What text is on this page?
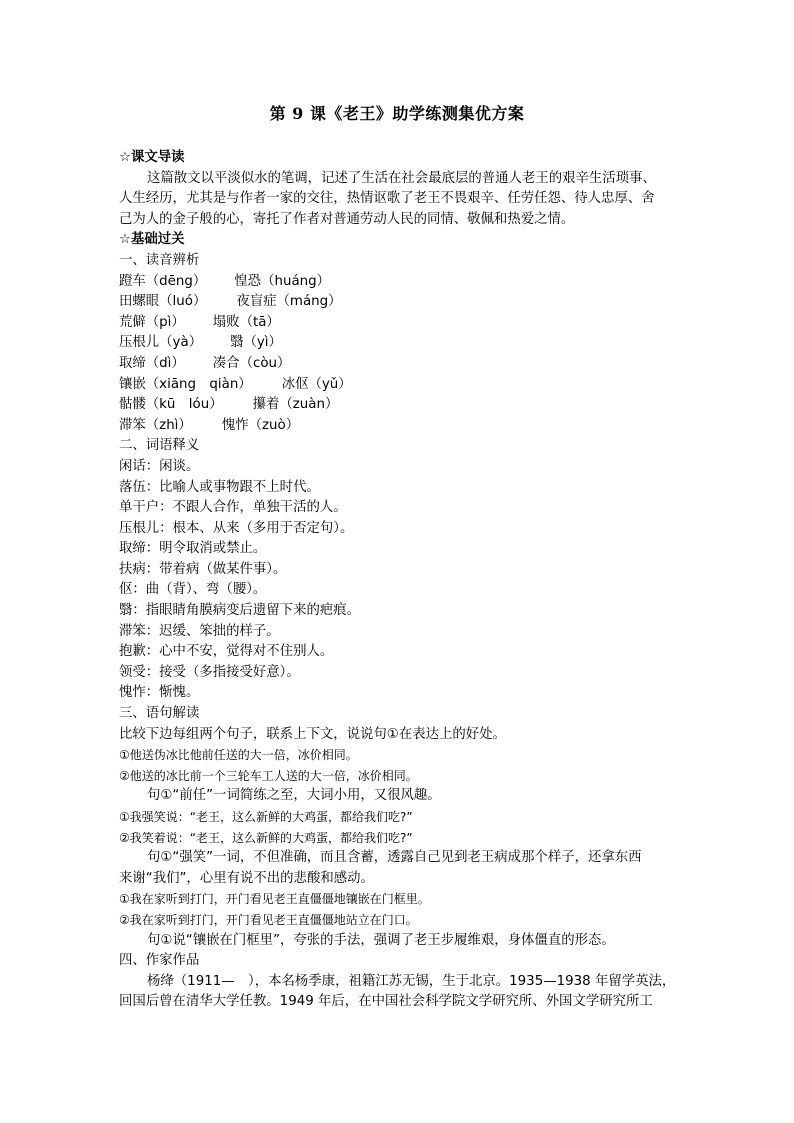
第 9 课《老王》助学练测集优方案
☆课文导读
这篇散文以平淡似水的笔调，记述了生活在社会最底层的普通人老王的艰辛生活琐事、
人生经历，尤其是与作者一家的交往，热情讴歌了老王不畏艰辛、任劳任怨、待人忠厚、舍
己为人的金子般的心，寄托了作者对普通劳动人民的同情、敬佩和热爱之情。
☆基础过关
一、读音辨析
蹬车（dēng） 惶恐（huáng）
田螺眼（luó） 夜盲症（máng）
荒僻（pì） 塌败（tā）
压根儿（yà） 翳（yì）
取缔（dì） 凑合（còu）
镶嵌（xiāng　qiàn） 冰伛（yǔ）
骷髅（kū　lóu） 攥着（zuàn）
滞笨（zhì） 愧怍（zuò）
二、词语释义
闲话：闲谈。
落伍：比喻人或事物跟不上时代。
单干户：不跟人合作，单独干活的人。
压根儿：根本、从来（多用于否定句）。
取缔：明令取消或禁止。
扶病：带着病（做某件事）。
伛：曲（背）、弯（腰）。
翳：指眼睛角膜病变后遗留下来的疤痕。
滞笨：迟缓、笨拙的样子。
抱歉：心中不安，觉得对不住别人。
领受：接受（多指接受好意）。
愧怍：惭愧。
三、语句解读
比较下边每组两个句子，联系上下文，说说句①在表达上的好处。
①他送伪冰比他前任送的大一倍，冰价相同。
②他送的冰比前一个三轮车工人送的大一倍，冰价相同。
句①“前任”一词简练之至，大词小用，又很风趣。
①我强笑说：“老王，这么新鲜的大鸡蛋，都给我们吃?”
②我笑着说：“老王，这么新鲜的大鸡蛋，都给我们吃?”
句①“强笑”一词，不但准确，而且含蓄，透露自己见到老王病成那个样子，还拿东西
来谢“我们”，心里有说不出的悲酸和感动。
①我在家听到打门，开门看见老王直僵僵地镶嵌在门框里。
②我在家听到打门，开门看见老王直僵僵地站立在门口。
句①说“镶嵌在门框里”，夸张的手法，强调了老王步履维艰，身体僵直的形态。
四、作家作品
杨绛（1911—　），本名杨季康，祖籍江苏无锡，生于北京。1935—1938 年留学英法，
回国后曾在清华大学任教。1949 年后，在中国社会科学院文学研究所、外国文学研究所工
